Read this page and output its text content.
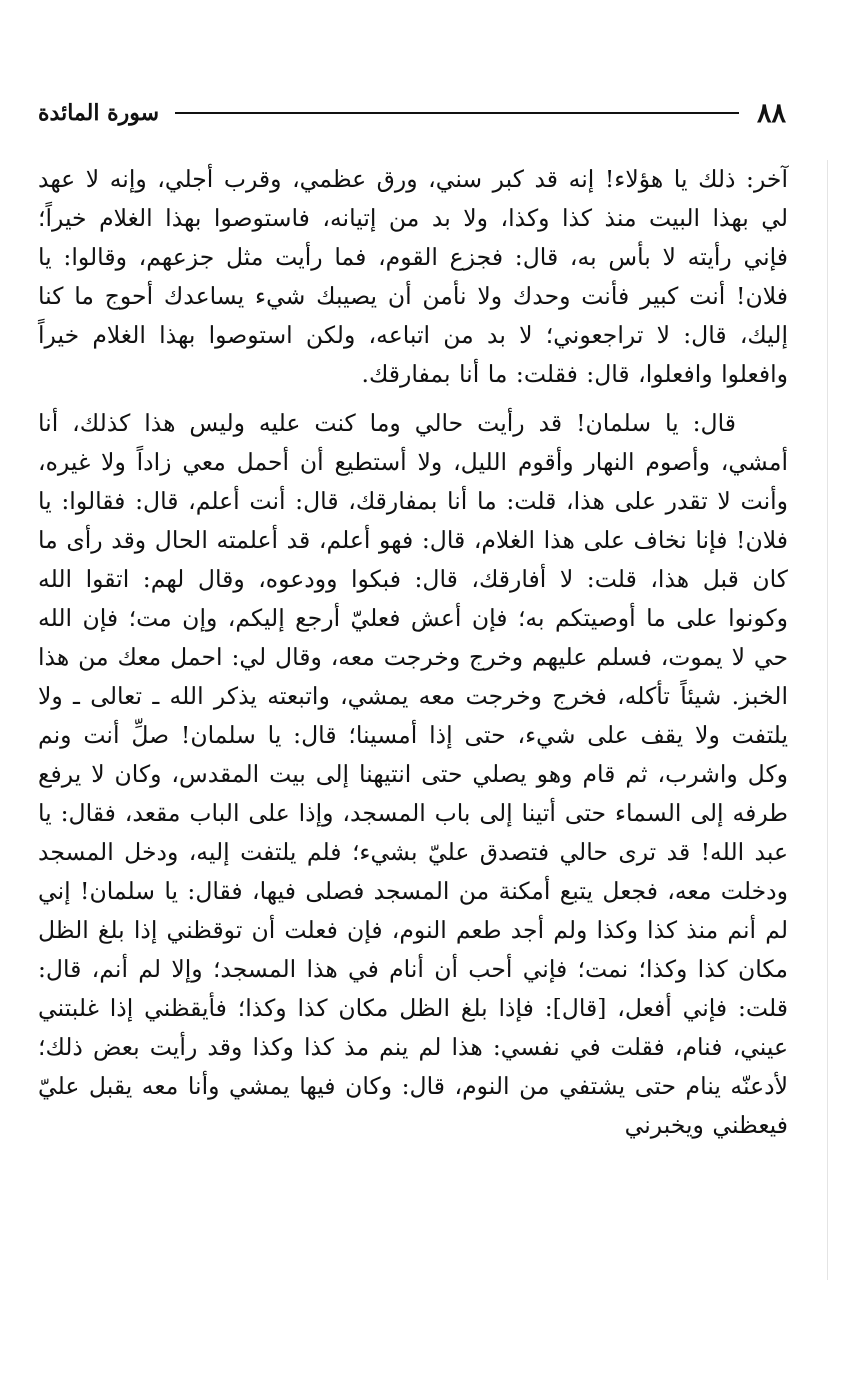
٨٨
سورة المائدة

آخر: ذلك يا هؤلاء! إنه قد كبر سني، ورق عظمي، وقرب أجلي، وإنه لا عهد لي بهذا البيت منذ كذا وكذا، ولا بد من إتيانه، فاستوصوا بهذا الغلام خيراً؛ فإني رأيته لا بأس به، قال: فجزع القوم، فما رأيت مثل جزعهم، وقالوا: يا فلان! أنت كبير فأنت وحدك ولا نأمن أن يصيبك شيء يساعدك أحوج ما كنا إليك، قال: لا تراجعوني؛ لا بد من اتباعه، ولكن استوصوا بهذا الغلام خيراً وافعلوا وافعلوا، قال: فقلت: ما أنا بمفارقك.

قال: يا سلمان! قد رأيت حالي وما كنت عليه وليس هذا كذلك، أنا أمشي، وأصوم النهار وأقوم الليل، ولا أستطيع أن أحمل معي زاداً ولا غيره، وأنت لا تقدر على هذا، قلت: ما أنا بمفارقك، قال: أنت أعلم، قال: فقالوا: يا فلان! فإنا نخاف على هذا الغلام، قال: فهو أعلم، قد أعلمته الحال وقد رأى ما كان قبل هذا، قلت: لا أفارقك، قال: فبكوا وودعوه، وقال لهم: اتقوا الله وكونوا على ما أوصيتكم به؛ فإن أعش فعليّ أرجع إليكم، وإن مت؛ فإن الله حي لا يموت، فسلم عليهم وخرج وخرجت معه، وقال لي: احمل معك من هذا الخبز. شيئاً تأكله، فخرج وخرجت معه يمشي، واتبعته يذكر الله ـ تعالى ـ ولا يلتفت ولا يقف على شيء، حتى إذا أمسينا؛ قال: يا سلمان! صلِّ أنت ونم وكل واشرب، ثم قام وهو يصلي حتى انتيهنا إلى بيت المقدس، وكان لا يرفع طرفه إلى السماء حتى أتينا إلى باب المسجد، وإذا على الباب مقعد، فقال: يا عبد الله! قد ترى حالي فتصدق عليّ بشيء؛ فلم يلتفت إليه، ودخل المسجد ودخلت معه، فجعل يتبع أمكنة من المسجد فصلى فيها، فقال: يا سلمان! إني لم أنم منذ كذا وكذا ولم أجد طعم النوم، فإن فعلت أن توقظني إذا بلغ الظل مكان كذا وكذا؛ نمت؛ فإني أحب أن أنام في هذا المسجد؛ وإلا لم أنم، قال: قلت: فإني أفعل، [قال]: فإذا بلغ الظل مكان كذا وكذا؛ فأيقظني إذا غلبتني عيني، فنام، فقلت في نفسي: هذا لم ينم مذ كذا وكذا وقد رأيت بعض ذلك؛ لأدعنّه ينام حتى يشتفي من النوم، قال: وكان فيها يمشي وأنا معه يقبل عليّ فيعظني ويخبرني
